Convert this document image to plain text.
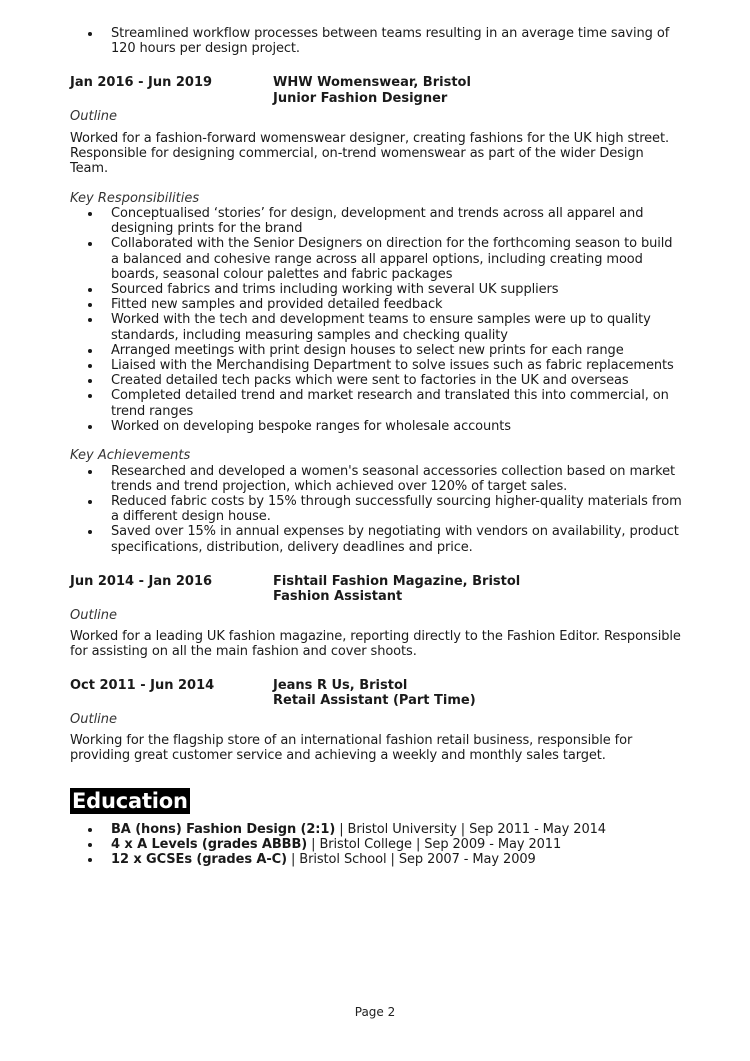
Streamlined workflow processes between teams resulting in an average time saving of 120 hours per design project.
Jan 2016 - Jun 2019	WHW Womenswear, Bristol
Junior Fashion Designer
Outline
Worked for a fashion-forward womenswear designer, creating fashions for the UK high street. Responsible for designing commercial, on-trend womenswear as part of the wider Design Team.
Key Responsibilities
Conceptualised ‘stories’ for design, development and trends across all apparel and designing prints for the brand
Collaborated with the Senior Designers on direction for the forthcoming season to build a balanced and cohesive range across all apparel options, including creating mood boards, seasonal colour palettes and fabric packages
Sourced fabrics and trims including working with several UK suppliers
Fitted new samples and provided detailed feedback
Worked with the tech and development teams to ensure samples were up to quality standards, including measuring samples and checking quality
Arranged meetings with print design houses to select new prints for each range
Liaised with the Merchandising Department to solve issues such as fabric replacements
Created detailed tech packs which were sent to factories in the UK and overseas
Completed detailed trend and market research and translated this into commercial, on trend ranges
Worked on developing bespoke ranges for wholesale accounts
Key Achievements
Researched and developed a women's seasonal accessories collection based on market trends and trend projection, which achieved over 120% of target sales.
Reduced fabric costs by 15% through successfully sourcing higher-quality materials from a different design house.
Saved over 15% in annual expenses by negotiating with vendors on availability, product specifications, distribution, delivery deadlines and price.
Jun 2014 - Jan 2016	Fishtail Fashion Magazine, Bristol
Fashion Assistant
Outline
Worked for a leading UK fashion magazine, reporting directly to the Fashion Editor. Responsible for assisting on all the main fashion and cover shoots.
Oct 2011 - Jun 2014	Jeans R Us, Bristol
Retail Assistant (Part Time)
Outline
Working for the flagship store of an international fashion retail business, responsible for providing great customer service and achieving a weekly and monthly sales target.
Education
BA (hons) Fashion Design (2:1) | Bristol University | Sep 2011 - May 2014
4 x A Levels (grades ABBB) | Bristol College | Sep 2009 - May 2011
12 x GCSEs (grades A-C) | Bristol School | Sep 2007 - May 2009
Page 2
